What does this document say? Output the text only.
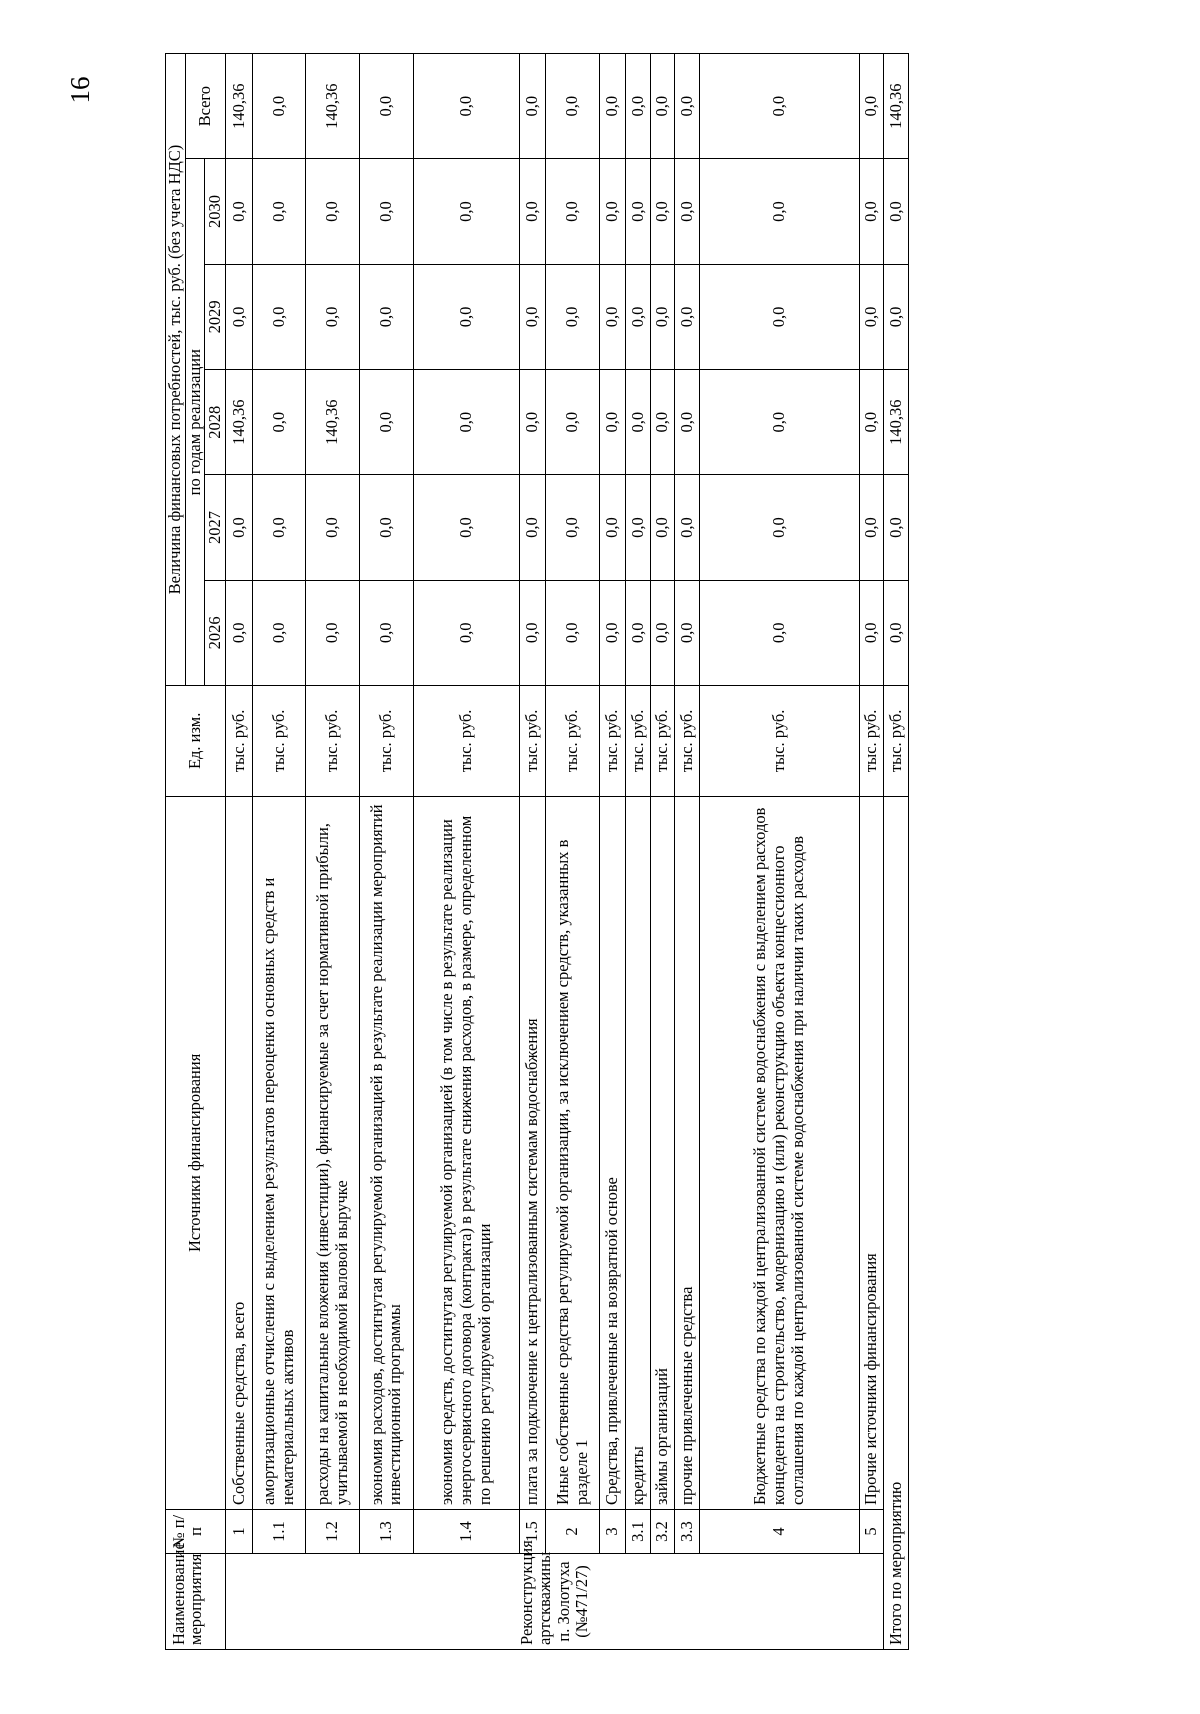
16
Наименование мероприятия	№ п/п	Источники финансирования	Ед. изм.	Величина финансовых потребностей, тыс. руб. (без учета НДС)					
				по годам реализации					Всего
				2026	2027	2028	2029	2030	
Реконструкция артскважины п. Золотуха (№471/27)	1	Собственные средства, всего	тыс. руб.	0,0	0,0	140,36	0,0	0,0	140,36
	1.1	амортизационные отчисления с выделением результатов переоценки основных средств и нематериальных активов	тыс. руб.	0,0	0,0	0,0	0,0	0,0	0,0
	1.2	расходы на капитальные вложения (инвестиции), финансируемые за счет нормативной прибыли, учитываемой в необходимой валовой выручке	тыс. руб.	0,0	0,0	140,36	0,0	0,0	140,36
	1.3	экономия расходов, достигнутая регулируемой организацией в результате реализации мероприятий инвестиционной программы	тыс. руб.	0,0	0,0	0,0	0,0	0,0	0,0
	1.4	экономия средств, достигнутая регулируемой организацией (в том числе в результате реализации энергосервисного договора (контракта) в результате снижения расходов, в размере, определенном по решению регулируемой организации	тыс. руб.	0,0	0,0	0,0	0,0	0,0	0,0
	1.5	плата за подключение к централизованным системам водоснабжения	тыс. руб.	0,0	0,0	0,0	0,0	0,0	0,0
	2	Иные собственные средства регулируемой организации, за исключением средств, указанных в разделе 1	тыс. руб.	0,0	0,0	0,0	0,0	0,0	0,0
	3	Средства, привлеченные на возвратной основе	тыс. руб.	0,0	0,0	0,0	0,0	0,0	0,0
	3.1	кредиты	тыс. руб.	0,0	0,0	0,0	0,0	0,0	0,0
	3.2	займы организаций	тыс. руб.	0,0	0,0	0,0	0,0	0,0	0,0
	3.3	прочие привлеченные средства	тыс. руб.	0,0	0,0	0,0	0,0	0,0	0,0
	4	Бюджетные средства по каждой централизованной системе водоснабжения с выделением расходов концедента на строительство, модернизацию и (или) реконструкцию объекта концессионного соглашения по каждой централизованной системе водоснабжения при наличии таких расходов	тыс. руб.	0,0	0,0	0,0	0,0	0,0	0,0
	5	Прочие источники финансирования	тыс. руб.	0,0	0,0	0,0	0,0	0,0	0,0
Итого по мероприятию			тыс. руб.	0,0	0,0	140,36	0,0	0,0	140,36
